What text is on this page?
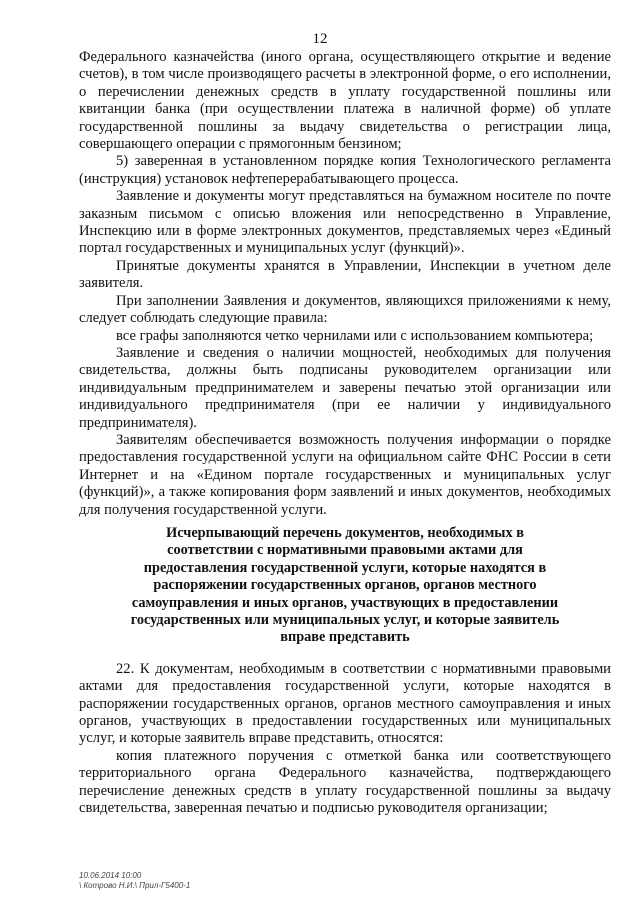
12

Федерального казначейства (иного органа, осуществляющего открытие и ведение счетов), в том числе производящего расчеты в электронной форме, о его исполнении, о перечислении денежных средств в уплату государственной пошлины или квитанции банка (при осуществлении платежа в наличной форме) об уплате государственной пошлины за выдачу свидетельства о регистрации лица, совершающего операции с прямогонным бензином;

5) заверенная в установленном порядке копия Технологического регламента (инструкция) установок нефтеперерабатывающего процесса.

Заявление и документы могут представляться на бумажном носителе по почте заказным письмом с описью вложения или непосредственно в Управление, Инспекцию или в форме электронных документов, представляемых через «Единый портал государственных и муниципальных услуг (функций)».

Принятые документы хранятся в Управлении, Инспекции в учетном деле заявителя.

При заполнении Заявления и документов, являющихся приложениями к нему, следует соблюдать следующие правила:

все графы заполняются четко чернилами или с использованием компьютера;

Заявление и сведения о наличии мощностей, необходимых для получения свидетельства, должны быть подписаны руководителем организации или индивидуальным предпринимателем и заверены печатью этой организации или индивидуального предпринимателя (при ее наличии у индивидуального предпринимателя).

Заявителям обеспечивается возможность получения информации о порядке предоставления государственной услуги на официальном сайте ФНС России в сети Интернет и на «Едином портале государственных и муниципальных услуг (функций)», а также копирования форм заявлений и иных документов, необходимых для получения государственной услуги.

Исчерпывающий перечень документов, необходимых в соответствии с нормативными правовыми актами для предоставления государственной услуги, которые находятся в распоряжении государственных органов, органов местного самоуправления и иных органов, участвующих в предоставлении государственных или муниципальных услуг, и которые заявитель вправе представить

22. К документам, необходимым в соответствии с нормативными правовыми актами для предоставления государственной услуги, которые находятся в распоряжении государственных органов, органов местного самоуправления и иных органов, участвующих в предоставлении государственных или муниципальных услуг, и которые заявитель вправе представить, относятся:

копия платежного поручения с отметкой банка или соответствующего территориального органа Федерального казначейства, подтверждающего перечисление денежных средств в уплату государственной пошлины за выдачу свидетельства, заверенная печатью и подписью руководителя организации;

10.06.2014 10:00
\ Котрово Н.И.\ Прил-Г5400-1
